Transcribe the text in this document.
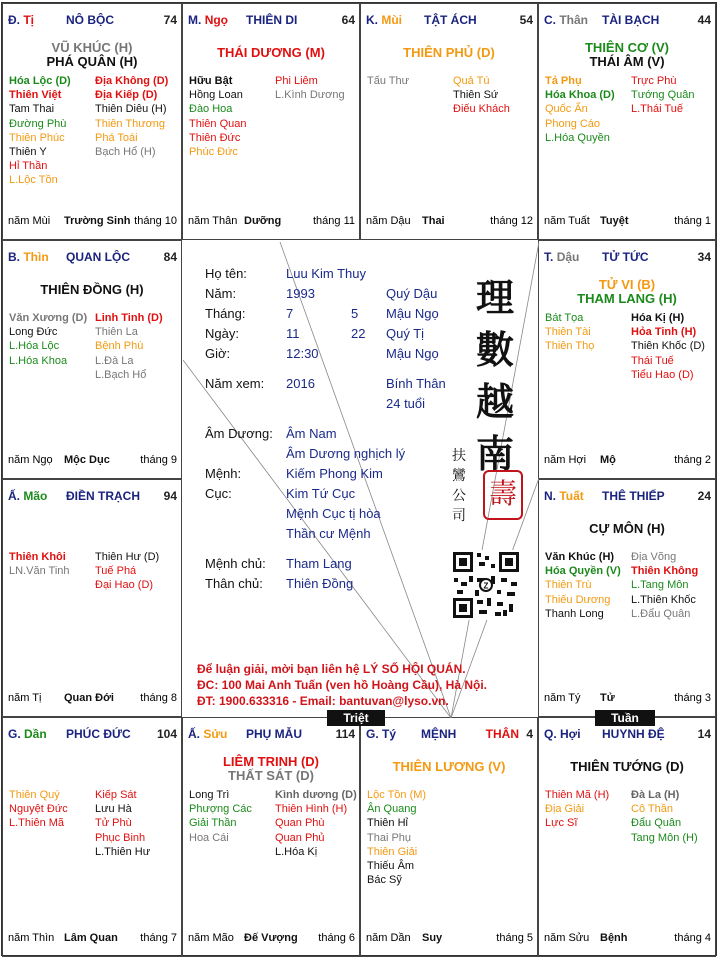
Đ. Tị	NÔ BỘC	74
VŨ KHÚC (H)
PHÁ QUÂN (H)
Hóa Lộc (D)
Thiên Việt
Tam Thai
Đường Phù
Thiên Phúc
Thiên Y
Hỉ Thần
L.Lộc Tồn
Địa Không (D)
Địa Kiếp (D)
Thiên Diêu (H)
Thiên Thương
Phá Toái
Bạch Hổ (H)
năm Mùi Trường Sinh tháng 10
M. Ngọ THIÊN DI	64
THÁI DƯƠNG (M)
Hữu Bật
Hồng Loan
Đào Hoa
Thiên Quan
Thiên Đức
Phúc Đức
Phi Liêm
L.Kình Dương
năm Thân Dưỡng	tháng 11
K. Mùi TẬT ÁCH	54
THIÊN PHỦ (D)
Tấu Thư	Quả Tú
Thiên Sứ
Điếu Khách
năm Dậu Thai	tháng 12
C. Thân TÀI BẠCH	44
THIÊN CƠ (V)
THÁI ÂM (V)
Tả Phụ
Hóa Khoa (D)
Quốc Ấn
Phong Cáo
L.Hóa Quyền
Trực Phù
Tướng Quân
L.Thái Tuế
năm Tuất Tuyệt	tháng 1
B. Thìn QUAN LỘC	84
THIÊN ĐỒNG (H)
Văn Xương (D)
Long Đức
L.Hóa Lộc
L.Hóa Khoa
Linh Tinh (D)
Thiên La
Bệnh Phù
L.Đà La
L.Bạch Hổ
năm Ngọ Mộc Dục	tháng 9
T. Dậu TỬ TỨC	34
TỬ VI (B)
THAM LANG (H)
Bát Tọa
Thiên Tài
Thiên Thọ
Hóa Kị (H)
Hỏa Tinh (H)
Thiên Khốc (D)
Thái Tuế
Tiểu Hao (D)
năm Hợi Mộ	tháng 2
Ấ. Mão ĐIỀN TRẠCH 94
Thiên Khôi
LN.Văn Tinh
Thiên Hư (D)
Tuế Phá
Đại Hao (D)
năm Tị Quan Đới tháng 8
N. Tuất THÊ THIẾP	24
CỰ MÔN (H)
Văn Khúc (H)
Hóa Quyền (V)
Thiên Trù
Thiếu Dương
Thanh Long
Địa Võng
Thiên Không
L.Tang Môn
L.Thiên Khốc
L.Đẩu Quân
năm Tý Tử	tháng 3
G. Dần PHÚC ĐỨC 104
Thiên Quý
Nguyệt Đức
L.Thiên Mã
Kiếp Sát
Lưu Hà
Tử Phù
Phục Binh
L.Thiên Hư
năm Thìn Lâm Quan tháng 7
Ấ. Sửu PHỤ MẪU	114
LIÊM TRINH (D)
THẤT SÁT (D)
Long Trì
Phượng Các
Giải Thần
Hoa Cái
Kình dương (D)
Thiên Hình (H)
Quan Phù
Quan Phủ
L.Hóa Kị
năm Mão Đế Vượng tháng 6
G. Tý MỆNH THÂN 4
THIÊN LƯƠNG (V)
Lộc Tồn (M)
Ân Quang
Thiên Hỉ
Thai Phụ
Thiên Giải
Thiếu Âm
Bác Sỹ
năm Dần Suy	tháng 5
Q. Hợi HUYNH ĐỆ	14
THIÊN TƯỚNG (D)
Thiên Mã (H)
Địa Giải
Lực Sĩ
Đà La (H)
Cô Thần
Đẩu Quân
Tang Môn (H)
năm Sửu Bệnh	tháng 4
Họ tên:	Luu Kim Thuy
Năm:	1993	Quý Dậu
Tháng:	7	5 Mậu Ngọ
Ngày:	11	22 Quý Tị
Giờ:	12:30	Mậu Ngọ
Năm xem: 2016	Bính Thân
24 tuổi
Âm Dương: Âm Nam
Âm Dương nghịch lý
Mệnh:	Kiếm Phong Kim
Cục:	Kim Tứ Cục
Mệnh Cục tị hòa
Thần cư Mệnh
Mệnh chủ: Tham Lang
Thân chủ: Thiên Đồng
理
數
越
南
扶
鸞
公
司
壽
Z
Để luận giải, mời bạn liên hệ LÝ SỐ HỘI QUÁN.
ĐC: 100 Mai Anh Tuấn (ven hồ Hoàng Cầu), Hà Nội.
ĐT: 1900.633316 - Email: bantuvan@lyso.vn.
Triệt	Tuần
